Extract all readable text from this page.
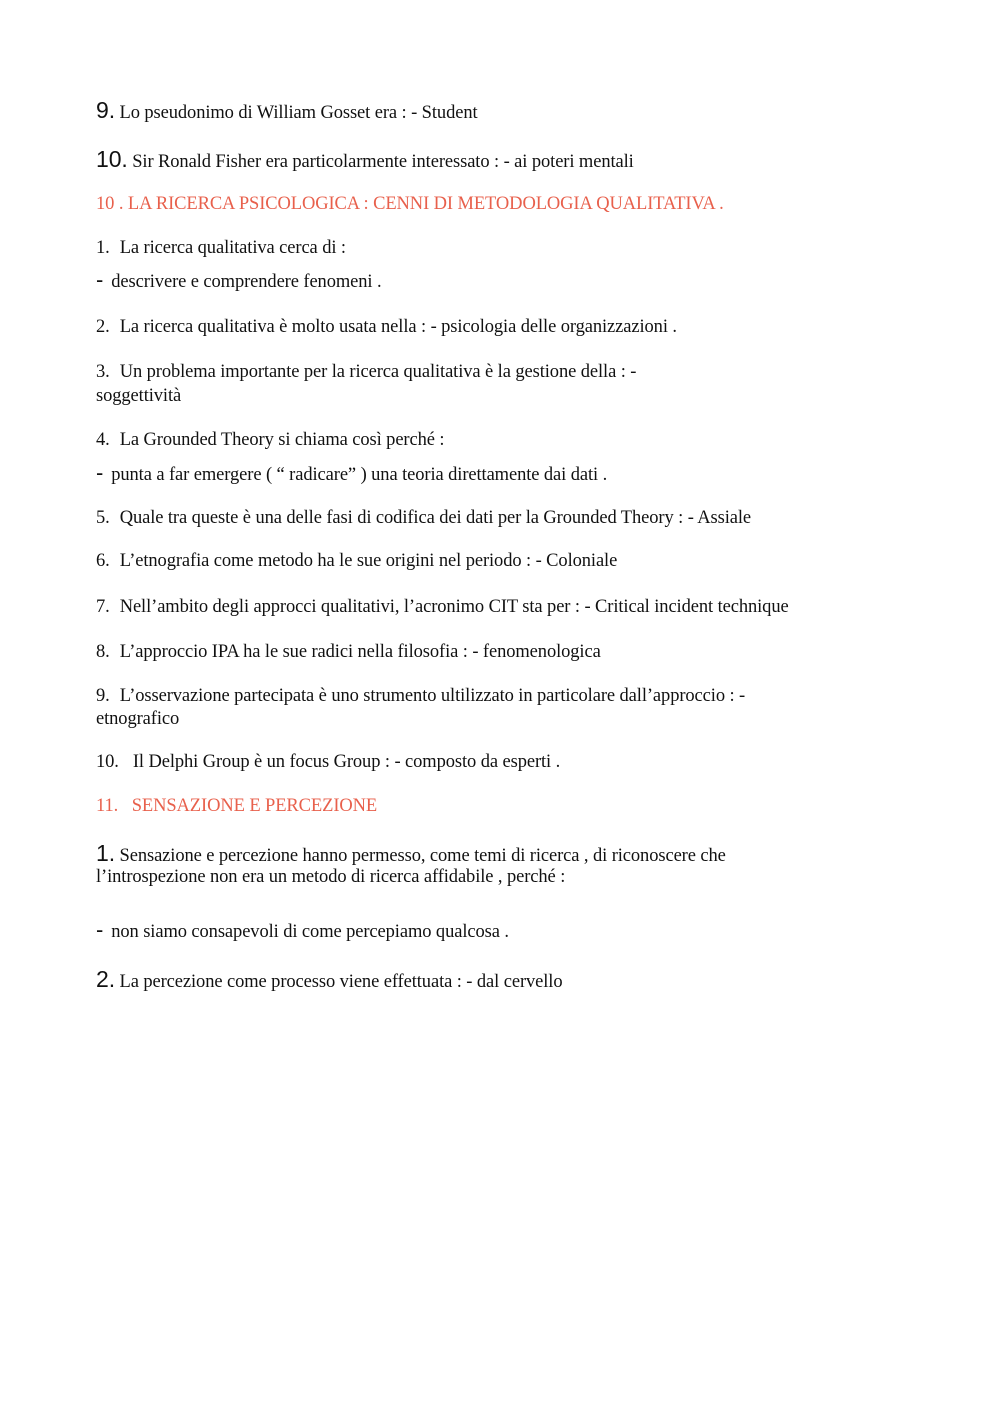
9. Lo pseudonimo di William Gosset era : - Student
10. Sir Ronald Fisher era particolarmente interessato : - ai poteri mentali
10 . LA RICERCA PSICOLOGICA : CENNI DI METODOLOGIA QUALITATIVA .
1. La ricerca qualitativa cerca di :
- descrivere e comprendere fenomeni .
2. La ricerca qualitativa è molto usata nella : - psicologia delle organizzazioni .
3. Un problema importante per la ricerca qualitativa è la gestione della : -
soggettività
4. La Grounded Theory si chiama così perché :
- punta a far emergere ( “ radicare” ) una teoria direttamente dai dati .
5. Quale tra queste è una delle fasi di codifica dei dati per la Grounded Theory : - Assiale
6. L’etnografia come metodo ha le sue origini nel periodo : - Coloniale
7. Nell’ambito degli approcci qualitativi, l’acronimo CIT sta per : - Critical incident technique
8. L’approccio IPA ha le sue radici nella filosofia : - fenomenologica
9. L’osservazione partecipata è uno strumento ultilizzato in particolare dall’approccio : -
etnografico
10. Il Delphi Group è un focus Group : - composto da esperti .
11.   SENSAZIONE E PERCEZIONE
1. Sensazione e percezione hanno permesso, come temi di ricerca , di riconoscere che
l’introspezione non era un metodo di ricerca affidabile , perché :
- non siamo consapevoli di come percepiamo qualcosa .
2. La percezione come processo viene effettuata : - dal cervello
